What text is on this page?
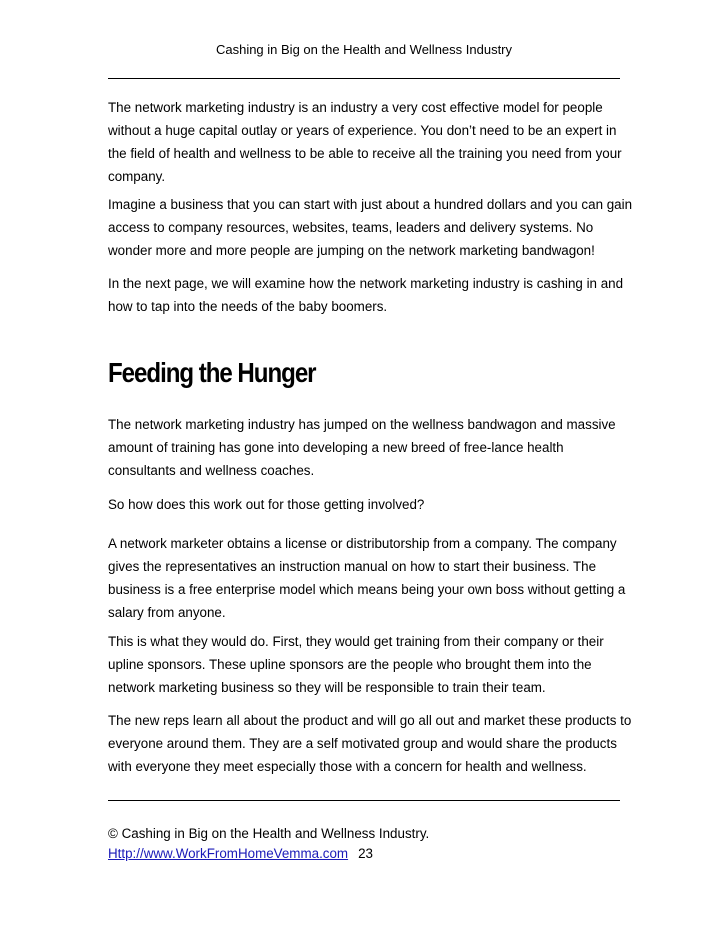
Cashing in Big on the Health and Wellness Industry

The network marketing industry is an industry a very cost effective model for people
without a huge capital outlay or years of experience. You don’t need to be an expert in
the field of health and wellness to be able to receive all the training you need from your
company.

Imagine a business that you can start with just about a hundred dollars and you can gain
access to company resources, websites, teams, leaders and delivery systems. No
wonder more and more people are jumping on the network marketing bandwagon!

In the next page, we will examine how the network marketing industry is cashing in and
how to tap into the needs of the baby boomers.

Feeding the Hunger

The network marketing industry has jumped on the wellness bandwagon and massive
amount of training has gone into developing a new breed of free-lance health
consultants and wellness coaches.

So how does this work out for those getting involved?

A network marketer obtains a license or distributorship from a company. The company
gives the representatives an instruction manual on how to start their business. The
business is a free enterprise model which means being your own boss without getting a
salary from anyone.

This is what they would do. First, they would get training from their company or their
upline sponsors. These upline sponsors are the people who brought them into the
network marketing business so they will be responsible to train their team.

The new reps learn all about the product and will go all out and market these products to
everyone around them. They are a self motivated group and would share the products
with everyone they meet especially those with a concern for health and wellness.

© Cashing in Big on the Health and Wellness Industry.
Http://www.WorkFromHomeVemma.com 23
